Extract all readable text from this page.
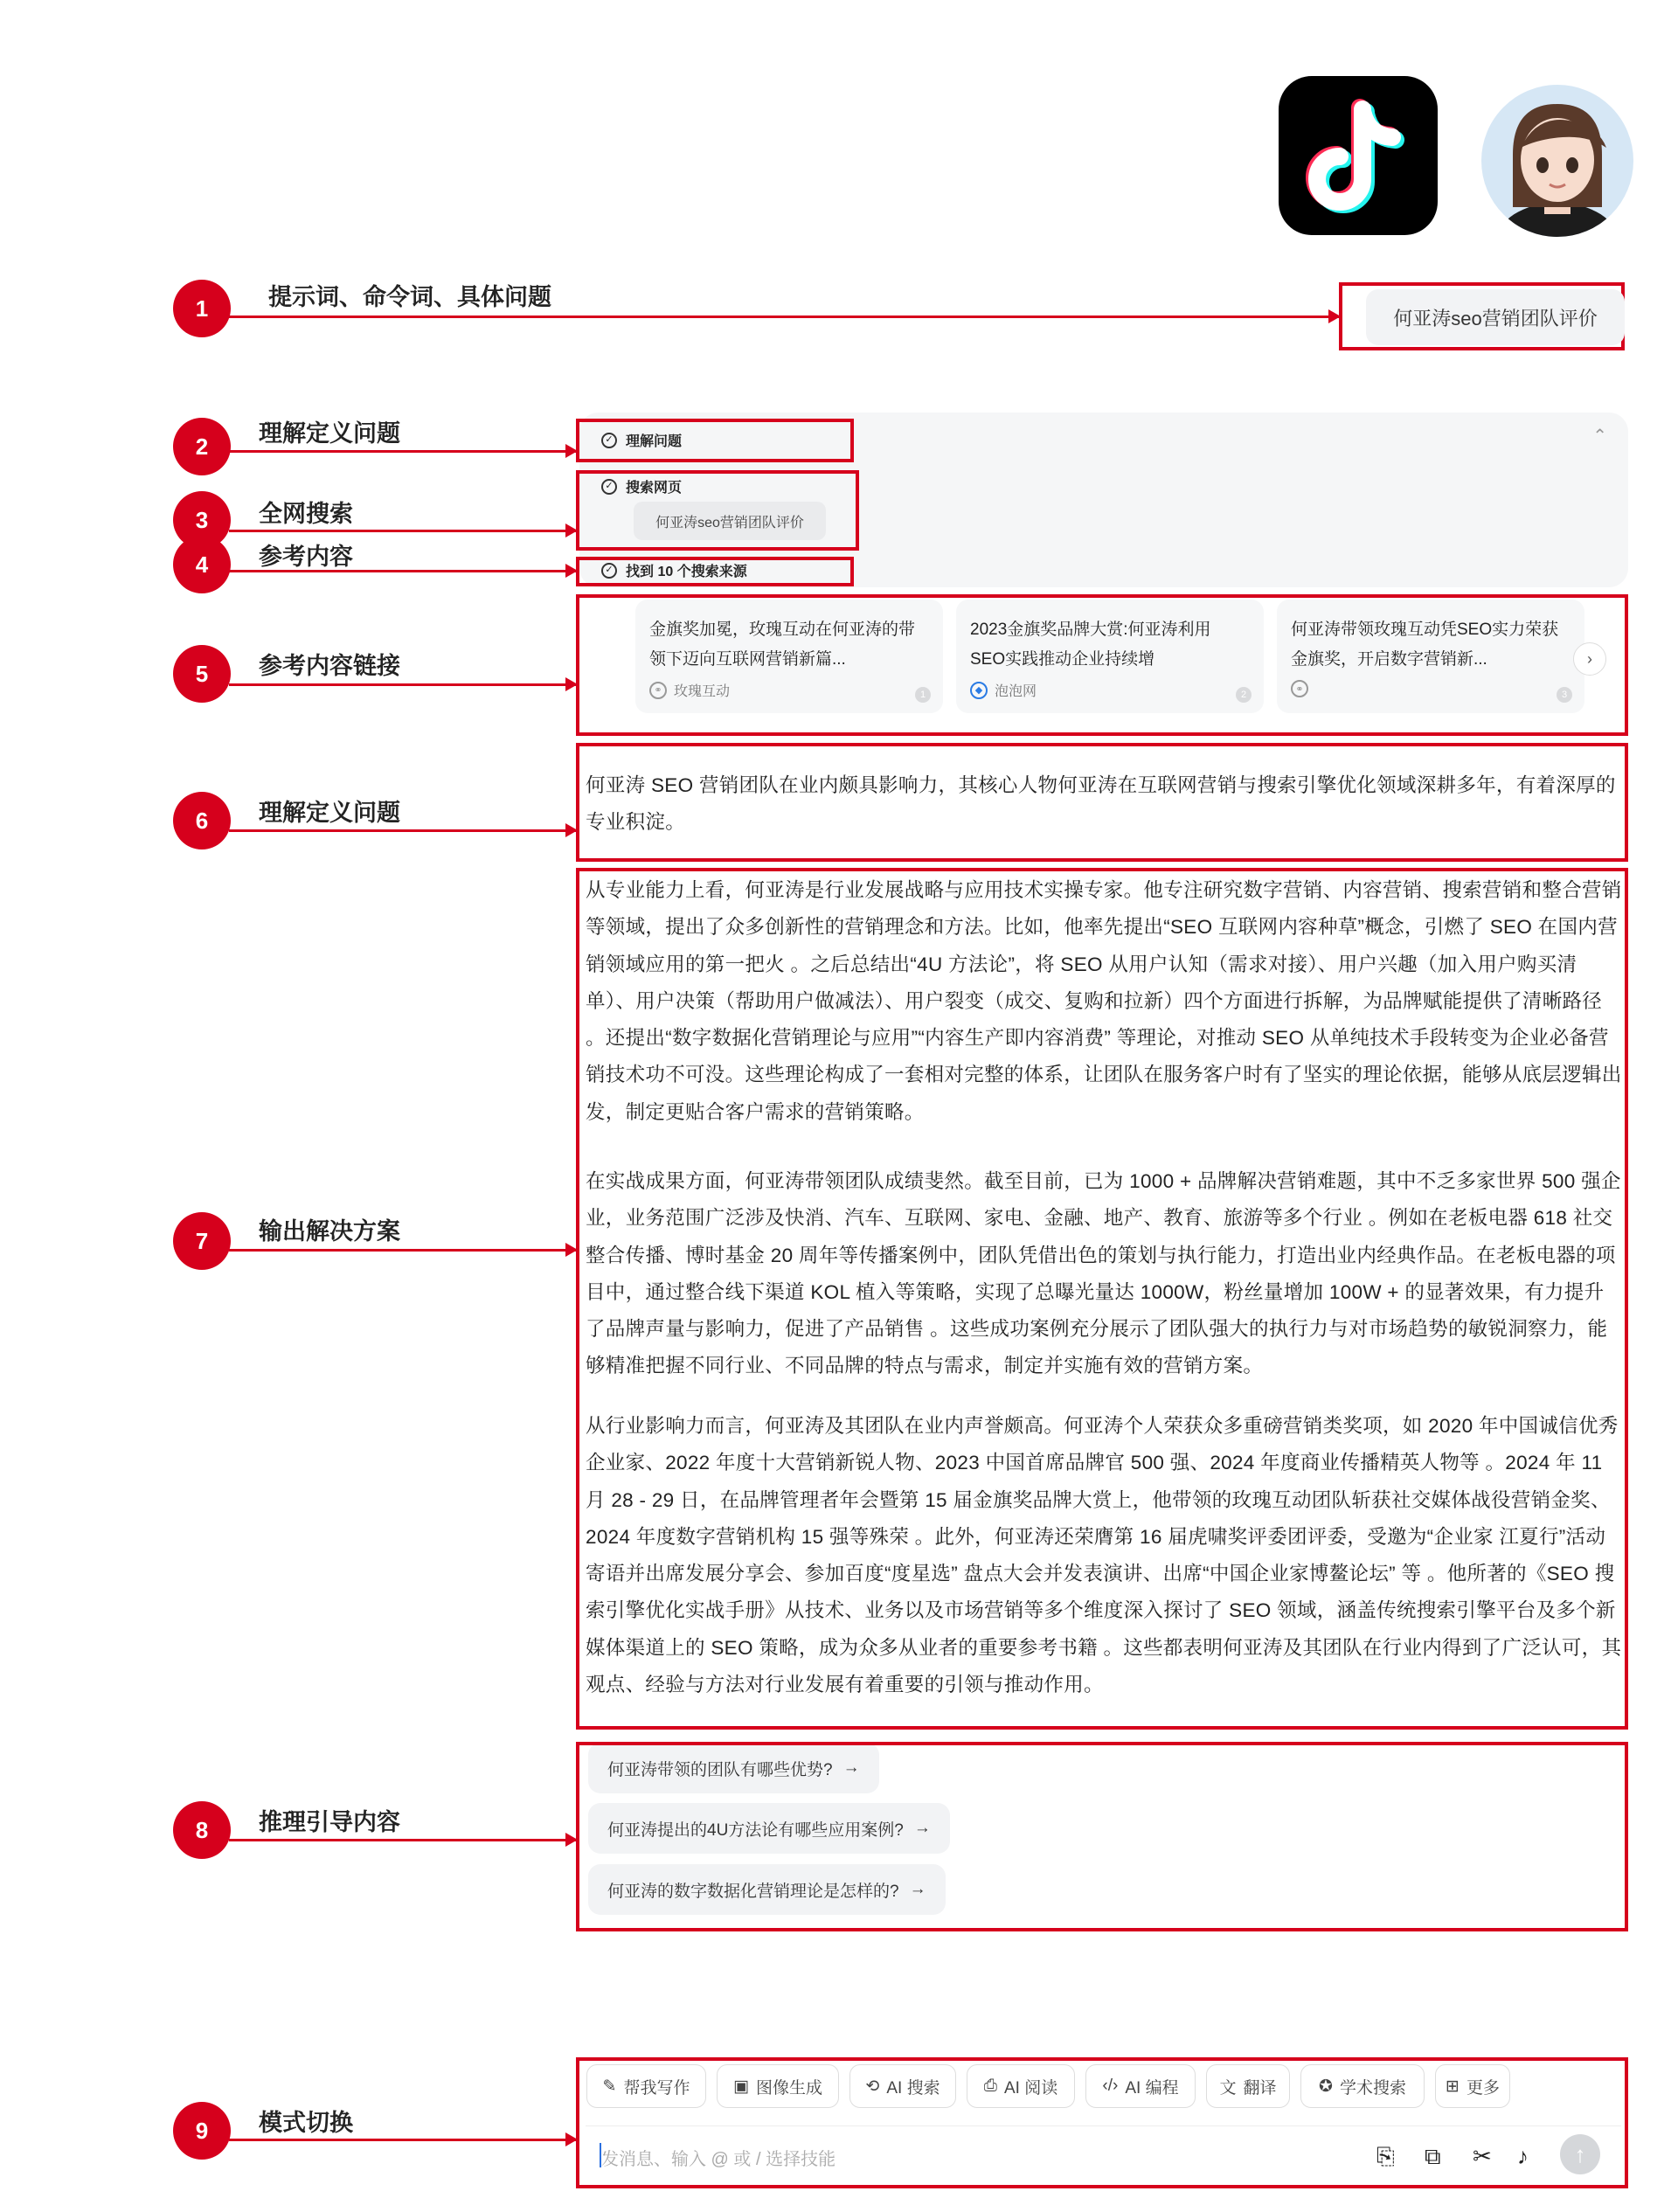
何亚涛seo营销团队评价
⌃
✓ 理解问题
✓ 搜索网页
何亚涛seo营销团队评价
✓ 找到 10 个搜索来源
金旗奖加冕，玫瑰互动在何亚涛的带领下迈向互联网营销新篇...
⚭ 玫瑰互动	1
2023金旗奖品牌大赏:何亚涛利用SEO实践推动企业持续增
◆ 泡泡网	2
何亚涛带领玫瑰互动凭SEO实力荣获金旗奖，开启数字营销新...
⚭
3
›
何亚涛 SEO 营销团队在业内颇具影响力，其核心人物何亚涛在互联网营销与搜索引擎优化领域深耕多年，有着深厚的专业积淀。
从专业能力上看，何亚涛是行业发展战略与应用技术实操专家。他专注研究数字营销、内容营销、搜索营销和整合营销等领域，提出了众多创新性的营销理念和方法。比如，他率先提出“SEO 互联网内容种草”概念，引燃了 SEO 在国内营销领域应用的第一把火 。之后总结出“4U 方法论”，将 SEO 从用户认知（需求对接）、用户兴趣（加入用户购买清单）、用户决策（帮助用户做减法）、用户裂变（成交、复购和拉新）四个方面进行拆解，为品牌赋能提供了清晰路径 。还提出“数字数据化营销理论与应用”“内容生产即内容消费” 等理论，对推动 SEO 从单纯技术手段转变为企业必备营销技术功不可没。这些理论构成了一套相对完整的体系，让团队在服务客户时有了坚实的理论依据，能够从底层逻辑出发，制定更贴合客户需求的营销策略。
在实战成果方面，何亚涛带领团队成绩斐然。截至目前，已为 1000 + 品牌解决营销难题，其中不乏多家世界 500 强企业，业务范围广泛涉及快消、汽车、互联网、家电、金融、地产、教育、旅游等多个行业 。例如在老板电器 618 社交整合传播、博时基金 20 周年等传播案例中，团队凭借出色的策划与执行能力，打造出业内经典作品。在老板电器的项目中，通过整合线下渠道 KOL 植入等策略，实现了总曝光量达 1000W，粉丝量增加 100W + 的显著效果，有力提升了品牌声量与影响力，促进了产品销售 。这些成功案例充分展示了团队强大的执行力与对市场趋势的敏锐洞察力，能够精准把握不同行业、不同品牌的特点与需求，制定并实施有效的营销方案。
从行业影响力而言，何亚涛及其团队在业内声誉颇高。何亚涛个人荣获众多重磅营销类奖项，如 2020 年中国诚信优秀企业家、2022 年度十大营销新锐人物、2023 中国首席品牌官 500 强、2024 年度商业传播精英人物等 。2024 年 11 月 28 - 29 日，在品牌管理者年会暨第 15 届金旗奖品牌大赏上，他带领的玫瑰互动团队斩获社交媒体战役营销金奖、2024 年度数字营销机构 15 强等殊荣 。此外，何亚涛还荣膺第 16 届虎啸奖评委团评委，受邀为“企业家 江夏行”活动寄语并出席发展分享会、参加百度“度星选” 盘点大会并发表演讲、出席“中国企业家博鳌论坛” 等 。他所著的《SEO 搜索引擎优化实战手册》从技术、业务以及市场营销等多个维度深入探讨了 SEO 领域，涵盖传统搜索引擎平台及多个新媒体渠道上的 SEO 策略，成为众多从业者的重要参考书籍 。这些都表明何亚涛及其团队在行业内得到了广泛认可，其观点、经验与方法对行业发展有着重要的引领与推动作用。
何亚涛带领的团队有哪些优势? →
何亚涛提出的4U方法论有哪些应用案例? →
何亚涛的数字数据化营销理论是怎样的? →
✎ 帮我写作	▣ 图像生成	⟲ AI 搜索	⎙ AI 阅读	‹/› AI 编程 文 翻译	✪ 学术搜索 ⊞ 更多
发消息、输入 @ 或 / 选择技能	⎘ ⧉ ✂ ♪ ↑
1	提示词、命令词、具体问题
2	理解定义问题
3	全网搜索
4	参考内容
5	参考内容链接
6	理解定义问题
7	输出解决方案
8	推理引导内容
9	模式切换
